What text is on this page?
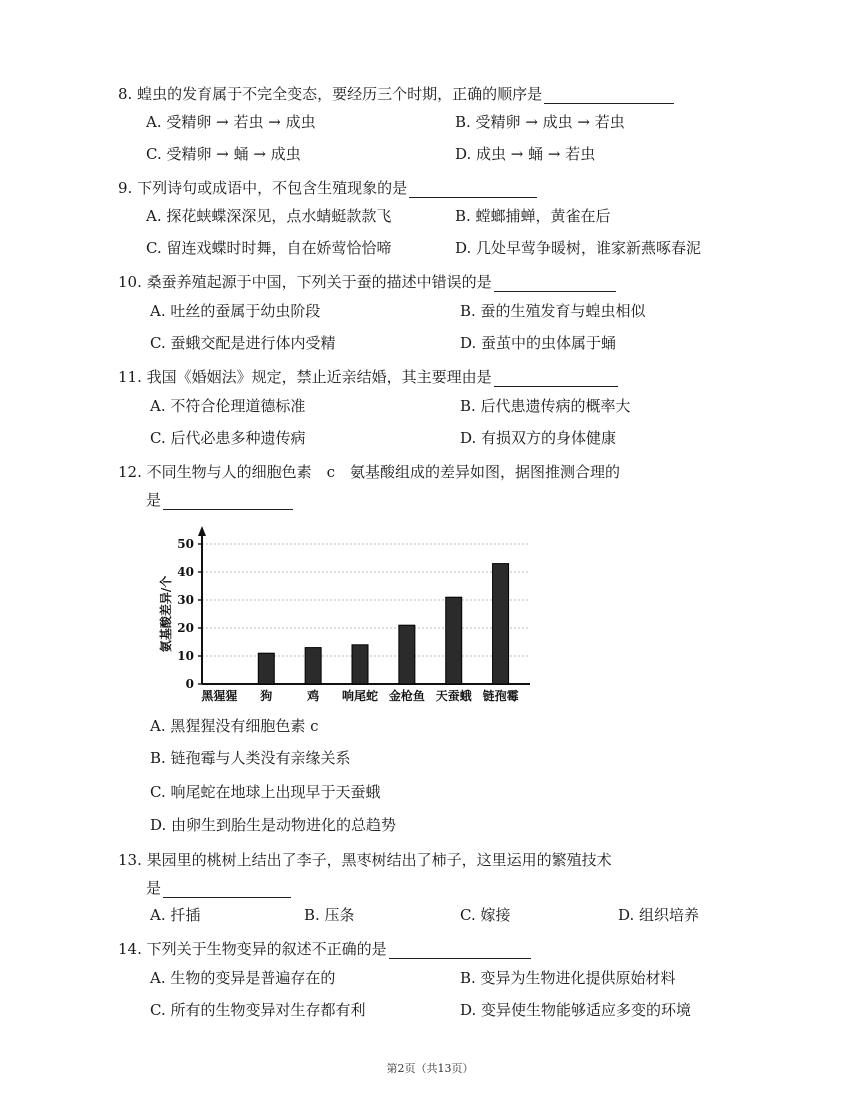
8. 蝗虫的发育属于不完全变态，要经历三个时期，正确的顺序是
A. 受精卵 → 若虫 → 成虫	B. 受精卵 → 成虫 → 若虫
C. 受精卵 → 蛹 → 成虫	D. 成虫 → 蛹 → 若虫
9. 下列诗句或成语中，不包含生殖现象的是
A. 探花蛱蝶深深见，点水蜻蜓款款飞	B. 螳螂捕蝉，黄雀在后
C. 留连戏蝶时时舞，自在娇莺恰恰啼	D. 几处早莺争暖树，谁家新燕啄春泥
10. 桑蚕养殖起源于中国，下列关于蚕的描述中错误的是
A. 吐丝的蚕属于幼虫阶段	B. 蚕的生殖发育与蝗虫相似
C. 蚕蛾交配是进行体内受精	D. 蚕茧中的虫体属于蛹
11. 我国《婚姻法》规定，禁止近亲结婚，其主要理由是
A. 不符合伦理道德标准	B. 后代患遗传病的概率大
C. 后代必患多种遗传病	D. 有损双方的身体健康
12. 不同生物与人的细胞色素　c　氨基酸组成的差异如图，据图推测合理的
是
0
10
20
30
40
50
氨基酸差异/个
黑猩猩 狗	鸡 响尾蛇 金枪鱼 天蚕蛾 链孢霉
A. 黑猩猩没有细胞色素 c
B. 链孢霉与人类没有亲缘关系
C. 响尾蛇在地球上出现早于天蚕蛾
D. 由卵生到胎生是动物进化的总趋势
13. 果园里的桃树上结出了李子，黑枣树结出了柿子，这里运用的繁殖技术
是
A. 扦插	B. 压条	C. 嫁接	D. 组织培养
14. 下列关于生物变异的叙述不正确的是
A. 生物的变异是普遍存在的	B. 变异为生物进化提供原始材料
C. 所有的生物变异对生存都有利	D. 变异使生物能够适应多变的环境
第2页（共13页）
